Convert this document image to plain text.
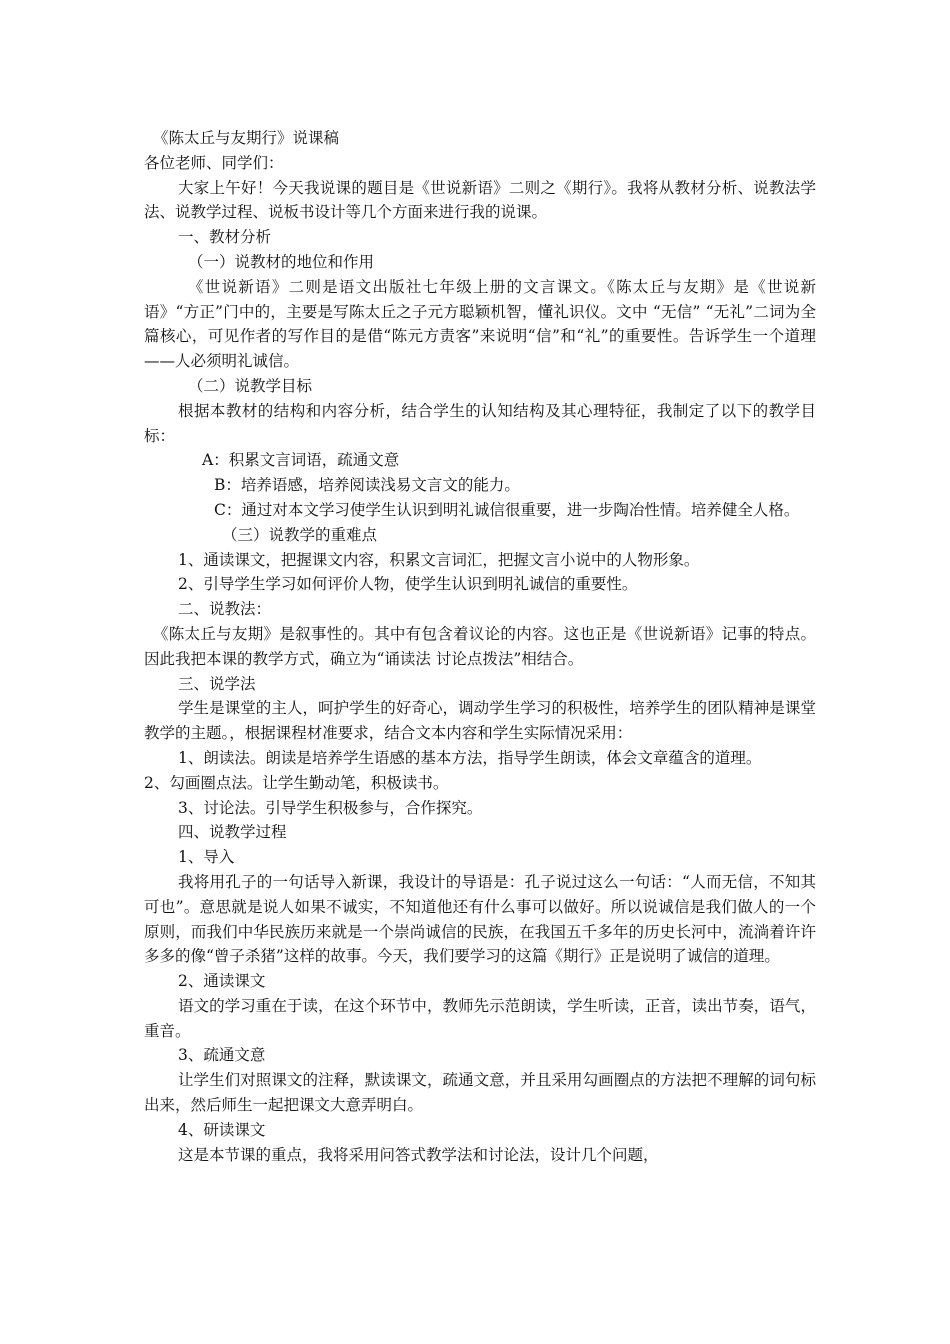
《陈太丘与友期行》说课稿

各位老师、同学们：

大家上午好！今天我说课的题目是《世说新语》二则之《期行》。我将从教材分析、说教法学法、说教学过程、说板书设计等几个方面来进行我的说课。

一、教材分析

（一）说教材的地位和作用

《世说新语》二则是语文出版社七年级上册的文言课文。《陈太丘与友期》是《世说新语》“方正”门中的，主要是写陈太丘之子元方聪颖机智，懂礼识仪。文中 “无信” “无礼”二词为全篇核心，可见作者的写作目的是借“陈元方责客”来说明“信”和“礼”的重要性。告诉学生一个道理——人必须明礼诚信。

（二）说教学目标

根据本教材的结构和内容分析，结合学生的认知结构及其心理特征，我制定了以下的教学目标：

A：积累文言词语，疏通文意

B：培养语感，培养阅读浅易文言文的能力。

C：通过对本文学习使学生认识到明礼诚信很重要，进一步陶冶性情。培养健全人格。

（三）说教学的重难点

1、通读课文，把握课文内容，积累文言词汇，把握文言小说中的人物形象。

2、引导学生学习如何评价人物，使学生认识到明礼诚信的重要性。

二、说教法：

《陈太丘与友期》是叙事性的。其中有包含着议论的内容。这也正是《世说新语》记事的特点。因此我把本课的教学方式，确立为“诵读法 讨论点拨法”相结合。

三、说学法

学生是课堂的主人，呵护学生的好奇心，调动学生学习的积极性，培养学生的团队精神是课堂教学的主题。，根据课程材准要求，结合文本内容和学生实际情况采用：

1、朗读法。朗读是培养学生语感的基本方法，指导学生朗读，体会文章蕴含的道理。

2、勾画圈点法。让学生勤动笔，积极读书。

3、讨论法。引导学生积极参与，合作探究。

四、说教学过程

1、导入

我将用孔子的一句话导入新课，我设计的导语是：孔子说过这么一句话：“人而无信，不知其可也”。意思就是说人如果不诚实，不知道他还有什么事可以做好。所以说诚信是我们做人的一个原则，而我们中华民族历来就是一个崇尚诚信的民族，在我国五千多年的历史长河中，流淌着许许多多的像“曾子杀猪”这样的故事。今天，我们要学习的这篇《期行》正是说明了诚信的道理。

2、通读课文

语文的学习重在于读，在这个环节中，教师先示范朗读，学生听读，正音，读出节奏，语气，重音。

3、疏通文意

让学生们对照课文的注释，默读课文，疏通文意，并且采用勾画圈点的方法把不理解的词句标出来，然后师生一起把课文大意弄明白。

4、研读课文

这是本节课的重点，我将采用问答式教学法和讨论法，设计几个问题，
